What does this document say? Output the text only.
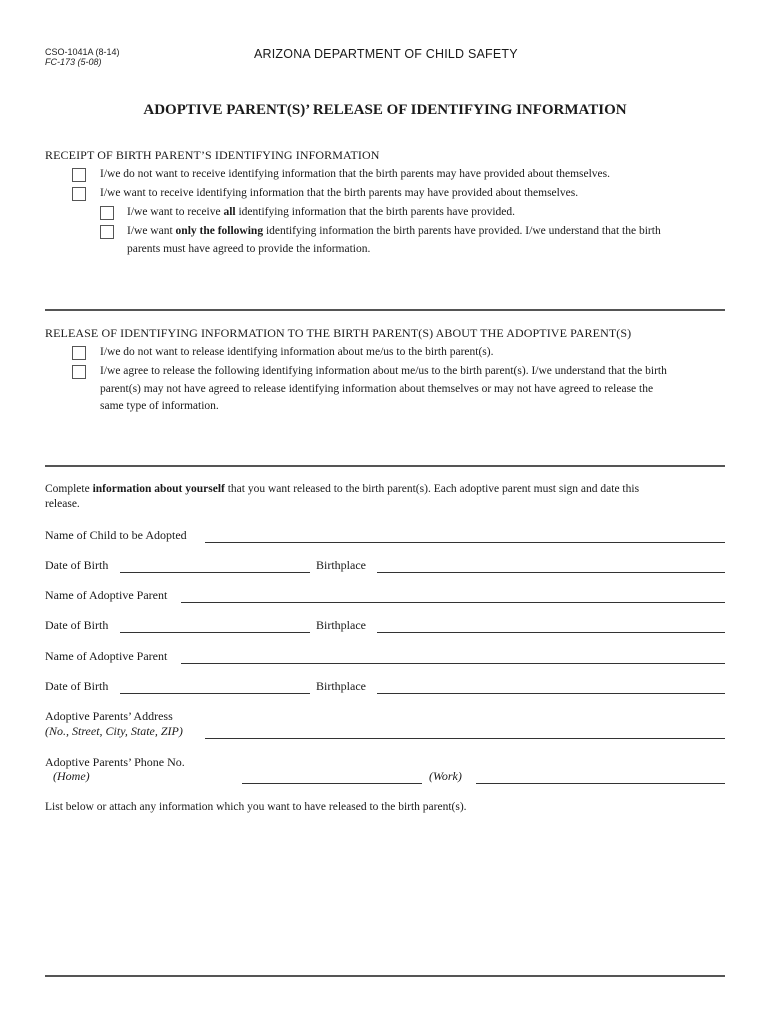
CSO-1041A (8-14)
FC-173 (5-08)
ARIZONA DEPARTMENT OF CHILD SAFETY
ADOPTIVE PARENT(S)’ RELEASE OF IDENTIFYING INFORMATION
RECEIPT OF BIRTH PARENT’S IDENTIFYING INFORMATION
I/we do not want to receive identifying information that the birth parents may have provided about themselves.
I/we want to receive identifying information that the birth parents may have provided about themselves.
I/we want to receive all identifying information that the birth parents have provided.
I/we want only the following identifying information the birth parents have provided. I/we understand that the birth
parents must have agreed to provide the information.
RELEASE OF IDENTIFYING INFORMATION TO THE BIRTH PARENT(S) ABOUT THE ADOPTIVE PARENT(S)
I/we do not want to release identifying information about me/us to the birth parent(s).
I/we agree to release the following identifying information about me/us to the birth parent(s). I/we understand that the birth
parent(s) may not have agreed to release identifying information about themselves or may not have agreed to release the
same type of information.
Complete information about yourself that you want released to the birth parent(s). Each adoptive parent must sign and date this
release.
Name of Child to be Adopted
Date of Birth	Birthplace
Name of Adoptive Parent
Date of Birth	Birthplace
Name of Adoptive Parent
Date of Birth	Birthplace
Adoptive Parents’ Address
(No., Street, City, State, ZIP)
Adoptive Parents’ Phone No.
(Home)	(Work)
List below or attach any information which you want to have released to the birth parent(s).
